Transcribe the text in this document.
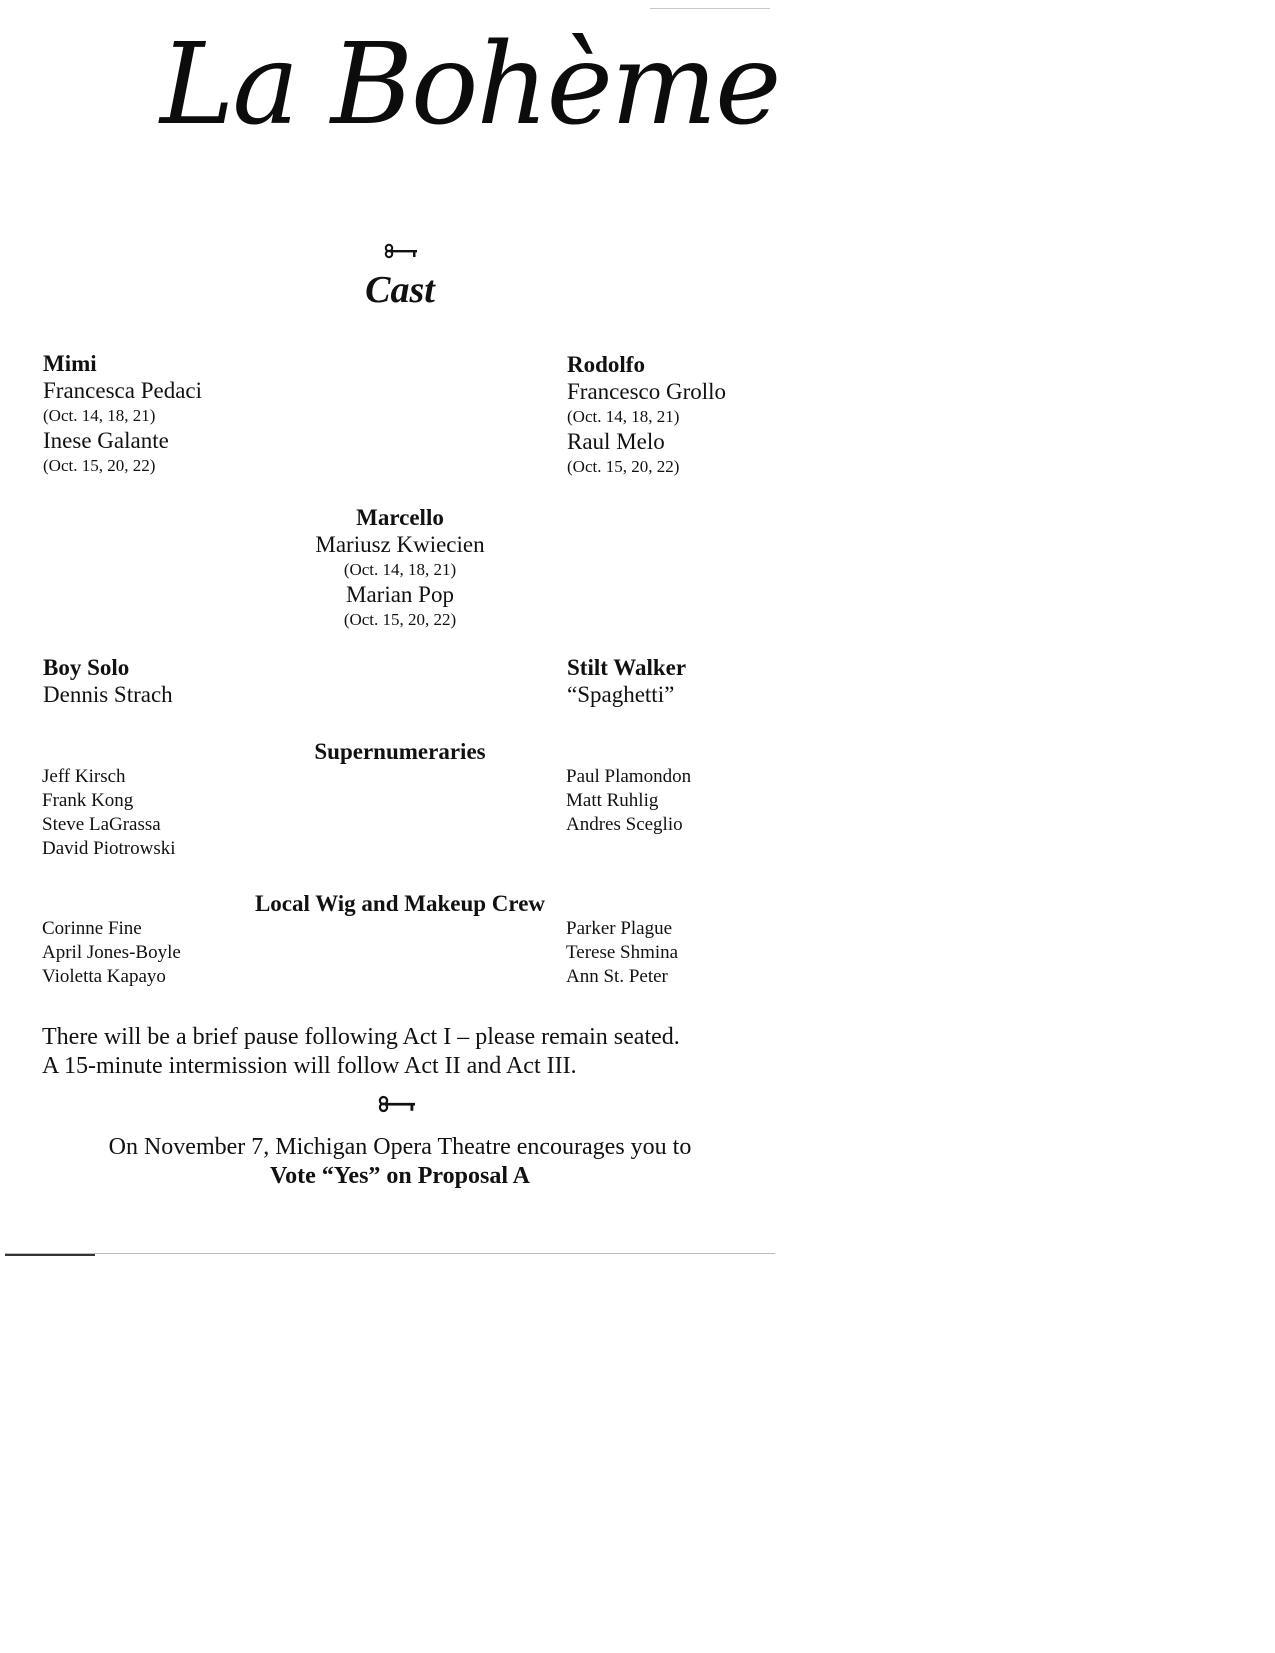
La Bohème
Cast
Mimi
Francesca Pedaci
(Oct. 14, 18, 21)
Inese Galante
(Oct. 15, 20, 22)
Rodolfo
Francesco Grollo
(Oct. 14, 18, 21)
Raul Melo
(Oct. 15, 20, 22)
Marcello
Mariusz Kwiecien
(Oct. 14, 18, 21)
Marian Pop
(Oct. 15, 20, 22)
Boy Solo
Dennis Strach
Stilt Walker
“Spaghetti”
Supernumeraries
Jeff Kirsch
Frank Kong
Steve LaGrassa
David Piotrowski
Paul Plamondon
Matt Ruhlig
Andres Sceglio
Local Wig and Makeup Crew
Corinne Fine
April Jones-Boyle
Violetta Kapayo
Parker Plague
Terese Shmina
Ann St. Peter
There will be a brief pause following Act I – please remain seated.
A 15-minute intermission will follow Act II and Act III.
On November 7, Michigan Opera Theatre encourages you to
Vote “Yes” on Proposal A
